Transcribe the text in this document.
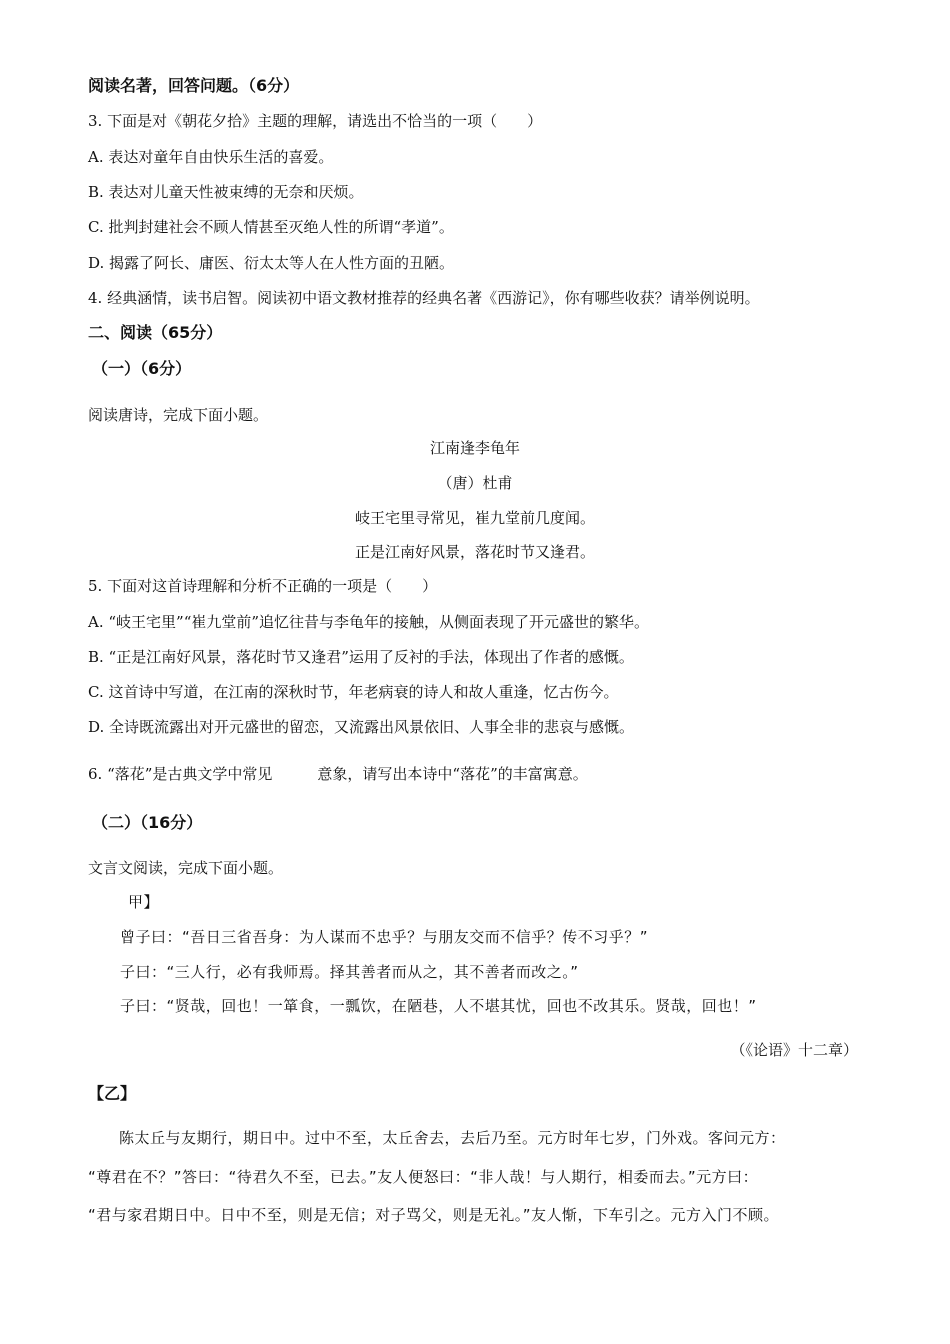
阅读名著，回答问题。（6分）
3. 下面是对《朝花夕拾》主题的理解，请选出不恰当的一项（　　）
A. 表达对童年自由快乐生活的喜爱。
B. 表达对儿童天性被束缚的无奈和厌烦。
C. 批判封建社会不顾人情甚至灭绝人性的所谓“孝道”。
D. 揭露了阿长、庸医、衍太太等人在人性方面的丑陋。
4. 经典涵情，读书启智。阅读初中语文教材推荐的经典名著《西游记》，你有哪些收获？请举例说明。
二、阅读（65分）
（一）（6分）
阅读唐诗，完成下面小题。
江南逢李龟年
（唐）杜甫
岐王宅里寻常见，崔九堂前几度闻。
正是江南好风景，落花时节又逢君。
5. 下面对这首诗理解和分析不正确的一项是（　　）
A. “岐王宅里”“崔九堂前”追忆往昔与李龟年的接触，从侧面表现了开元盛世的繁华。
B. “正是江南好风景，落花时节又逢君”运用了反衬的手法，体现出了作者的感慨。
C. 这首诗中写道，在江南的深秋时节，年老病衰的诗人和故人重逢，忆古伤今。
D. 全诗既流露出对开元盛世的留恋，又流露出风景依旧、人事全非的悲哀与感慨。
6. “落花”是古典文学中常见　　　意象，请写出本诗中“落花”的丰富寓意。
（二）（16分）
文言文阅读，完成下面小题。
甲】
曾子曰：“吾日三省吾身：为人谋而不忠乎？与朋友交而不信乎？传不习乎？”
子曰：“三人行，必有我师焉。择其善者而从之，其不善者而改之。”
子曰：“贤哉，回也！一箪食，一瓢饮，在陋巷，人不堪其忧，回也不改其乐。贤哉，回也！”
（《论语》十二章）
【乙】
　　陈太丘与友期行，期日中。过中不至，太丘舍去，去后乃至。元方时年七岁，门外戏。客问元方：
“尊君在不？”答曰：“待君久不至，已去。”友人便怒曰：“非人哉！与人期行，相委而去。”元方曰：
“君与家君期日中。日中不至，则是无信；对子骂父，则是无礼。”友人惭，下车引之。元方入门不顾。
